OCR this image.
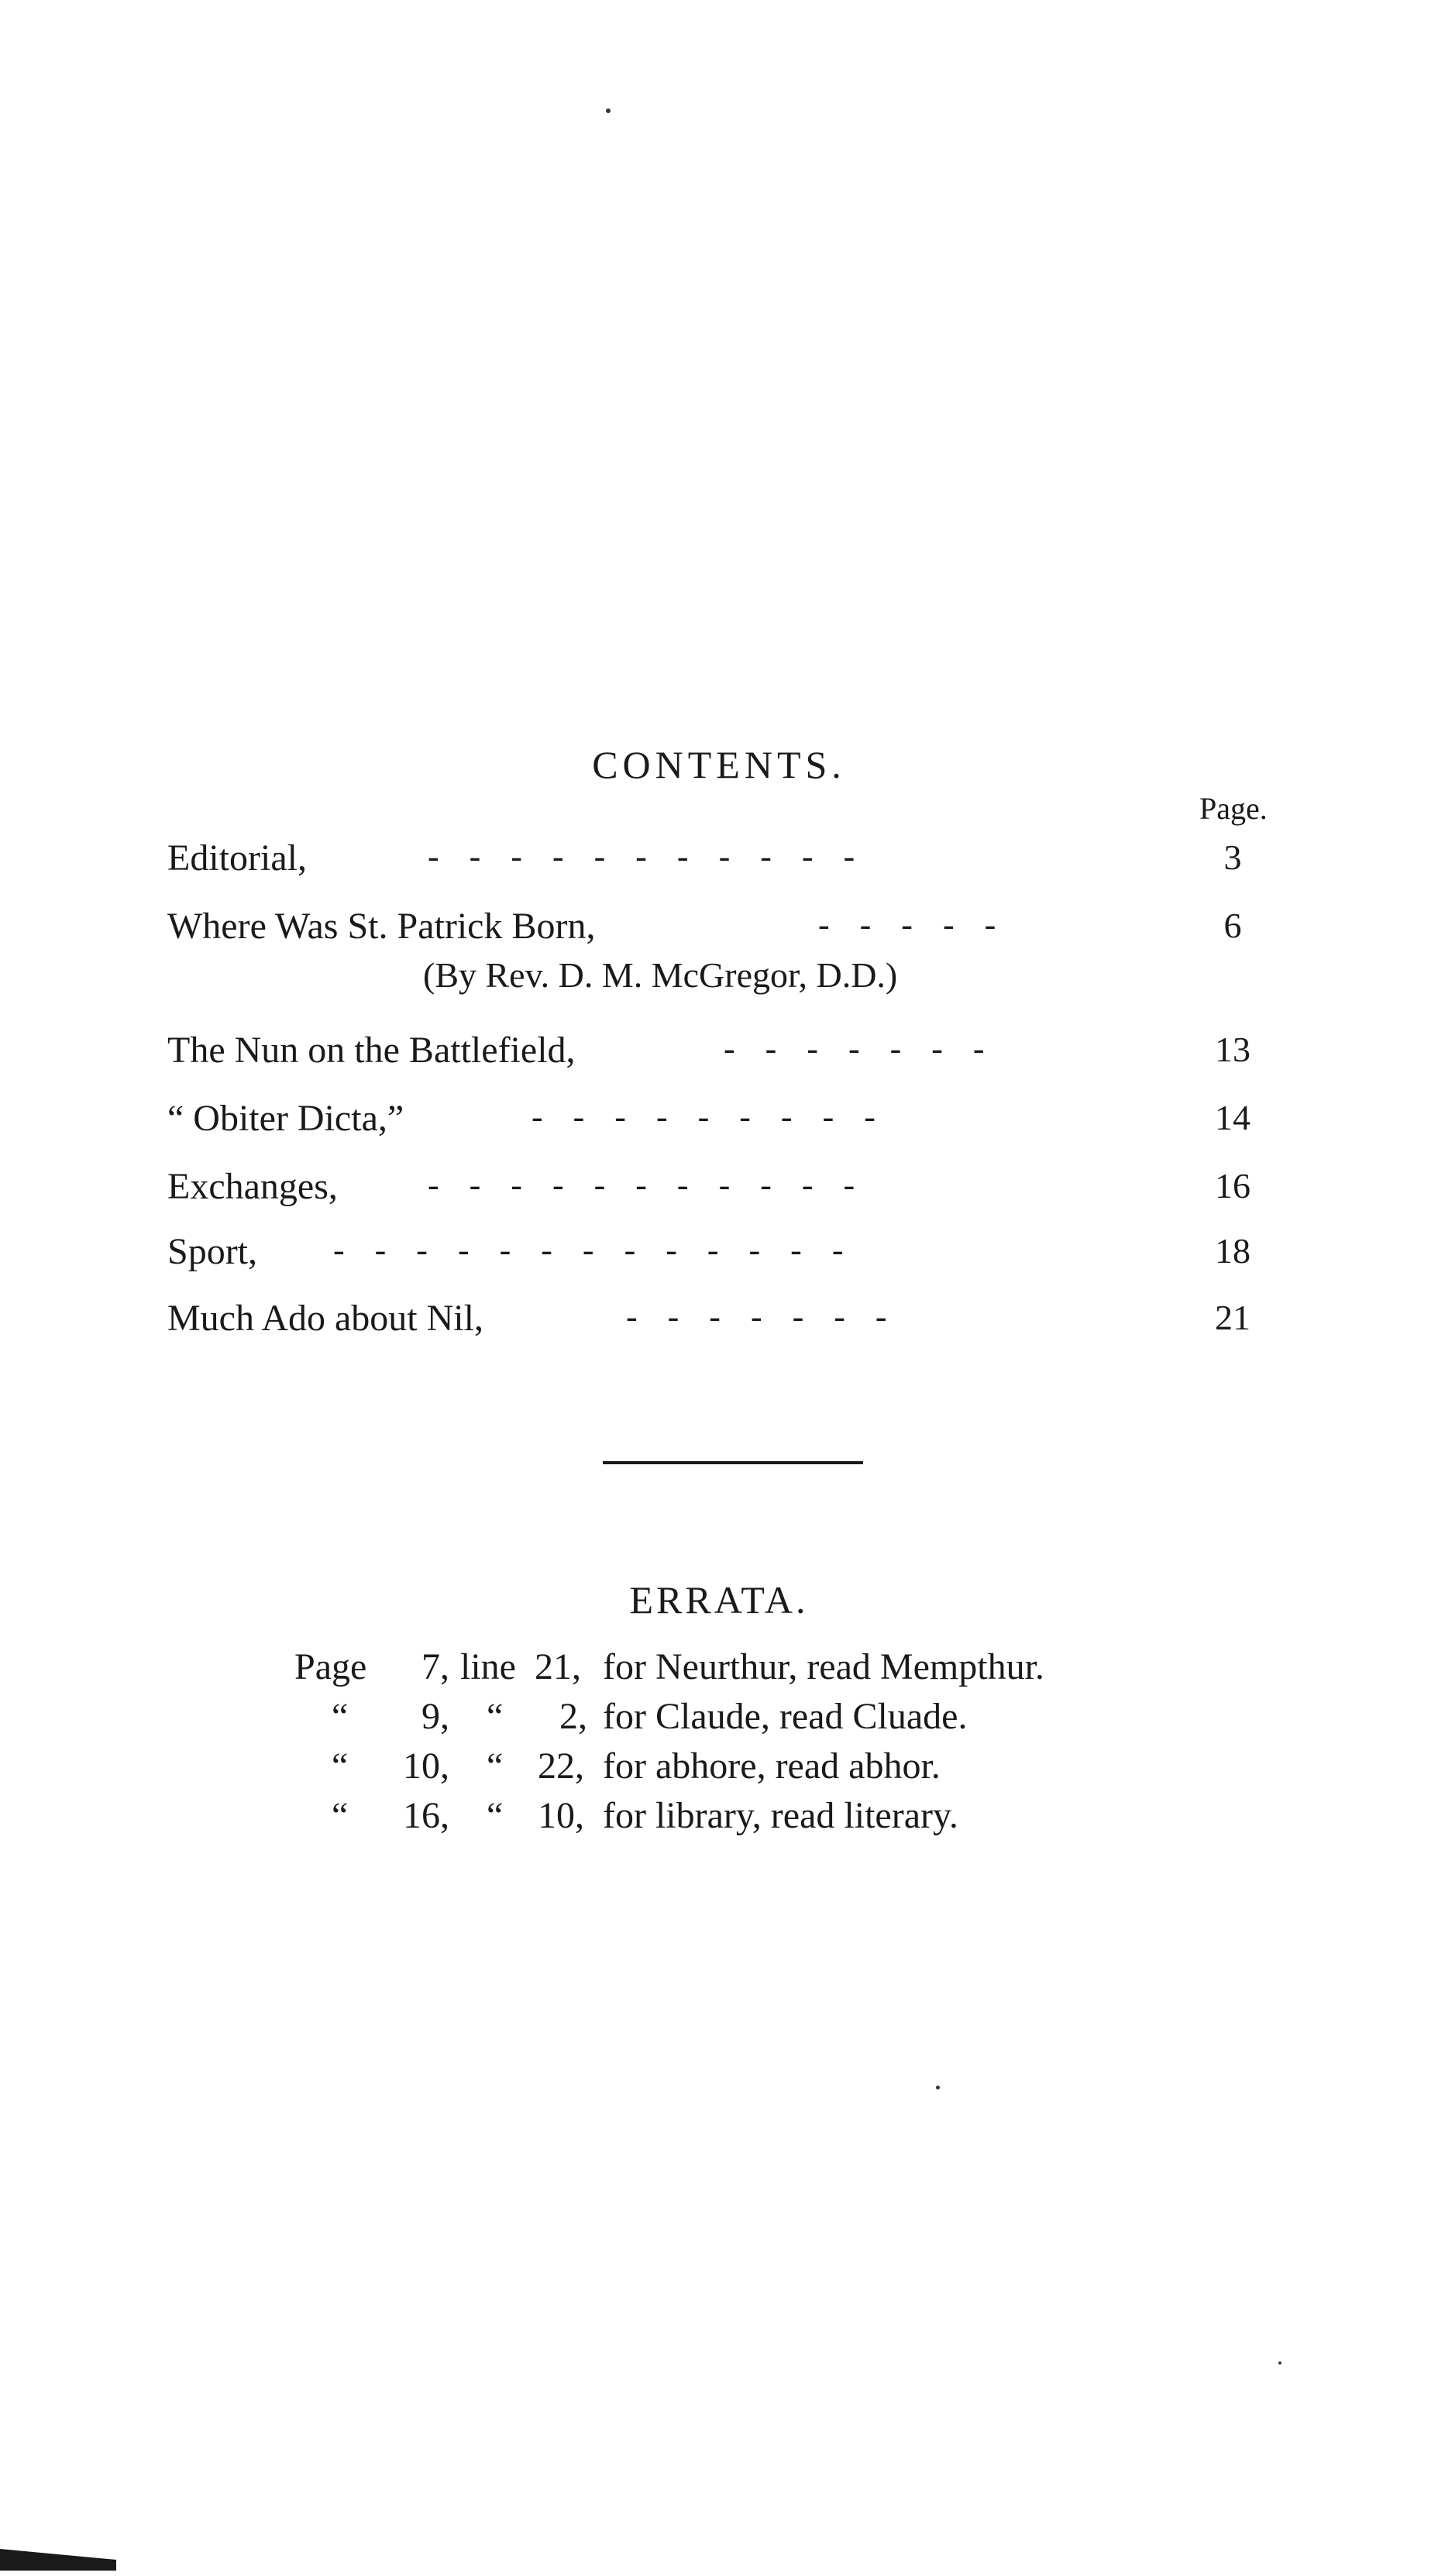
CONTENTS.
Page.
Editorial,	-----------	3
Where Was St. Patrick Born,	-----	6
The Nun on the Battlefield,	-------	13
“ Obiter Dicta,”	---------	14
Exchanges,	-----------	16
Sport, -------------	18
Much Ado about Nil,	-------	21
(By Rev. D. M. McGregor, D.D.)
ERRATA.
Page	7, line 21, for Neurthur, read Mempthur.
“	9, “ 2, for Claude, read Cluade.
“	10, “ 22, for abhore, read abhor.
“	16, “ 10, for library, read literary.
